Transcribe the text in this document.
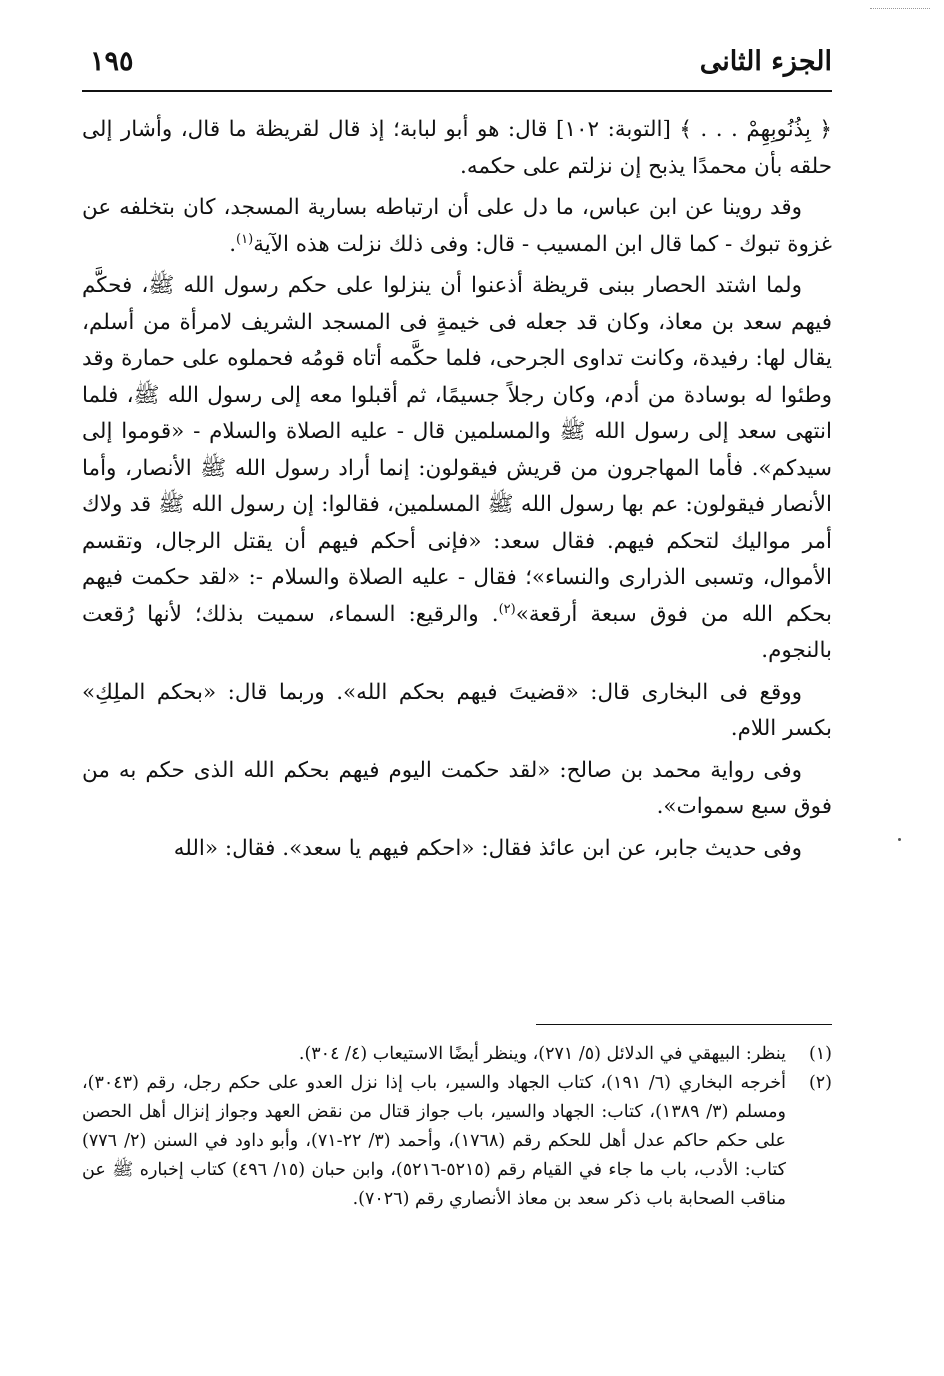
الجزء الثانى
١٩٥

﴿ بِذُنُوبِهِمْ . . . ﴾ [التوبة: ١٠٢] قال: هو أبو لبابة؛ إذ قال لقريظة ما قال، وأشار إلى حلقه بأن محمدًا يذبح إن نزلتم على حكمه.

وقد روينا عن ابن عباس، ما دل على أن ارتباطه بسارية المسجد، كان بتخلفه عن غزوة تبوك - كما قال ابن المسيب - قال: وفى ذلك نزلت هذه الآية$^{(١)}$.

ولما اشتد الحصار ببنى قريظة أذعنوا أن ينزلوا على حكم رسول الله ﷺ، فحكَّم فيهم سعد بن معاذ، وكان قد جعله فى خيمةٍ فى المسجد الشريف لامرأة من أسلم، يقال لها: رفيدة، وكانت تداوى الجرحى، فلما حكَّمه أتاه قومُه فحملوه على حمارة وقد وطئوا له بوسادة من أدم، وكان رجلاً جسيمًا، ثم أقبلوا معه إلى رسول الله ﷺ، فلما انتهى سعد إلى رسول الله ﷺ والمسلمين قال - عليه الصلاة والسلام - «قوموا إلى سيدكم». فأما المهاجرون من قريش فيقولون: إنما أراد رسول الله ﷺ الأنصار، وأما الأنصار فيقولون: عم بها رسول الله ﷺ المسلمين، فقالوا: إن رسول الله ﷺ قد ولاك أمر مواليك لتحكم فيهم. فقال سعد: «فإنى أحكم فيهم أن يقتل الرجال، وتقسم الأموال، وتسبى الذرارى والنساء»؛ فقال - عليه الصلاة والسلام -: «لقد حكمت فيهم بحكم الله من فوق سبعة أرقعة»$^{(٢)}$. والرقيع: السماء، سميت بذلك؛ لأنها رُقعت بالنجوم.

ووقع فى البخارى قال: «قضيتَ فيهم بحكم الله». وربما قال: «بحكم الملِكِ» بكسر اللام.

وفى رواية محمد بن صالح: «لقد حكمت اليوم فيهم بحكم الله الذى حكم به من فوق سبع سموات».

وفى حديث جابر، عن ابن عائذ فقال: «احكم فيهم يا سعد». فقال: «الله

(١)
ينظر: البيهقي في الدلائل (٥/ ٢٧١)، وينظر أيضًا الاستيعاب (٤/ ٣٠٤).
(٢)
أخرجه البخاري (٦/ ١٩١)، كتاب الجهاد والسير، باب إذا نزل العدو على حكم رجل، رقم (٣٠٤٣)، ومسلم (٣/ ١٣٨٩)، كتاب: الجهاد والسير، باب جواز قتال من نقض العهد وجواز إنزال أهل الحصن على حكم حاكم عدل أهل للحكم رقم (١٧٦٨)، وأحمد (٣/ ٢٢-٧١)، وأبو داود في السنن (٢/ ٧٧٦) كتاب: الأدب، باب ما جاء في القيام رقم (٥٢١٥-٥٢١٦)، وابن حبان (١٥/ ٤٩٦) كتاب إخباره ﷺ عن مناقب الصحابة باب ذكر سعد بن معاذ الأنصاري رقم (٧٠٢٦).
